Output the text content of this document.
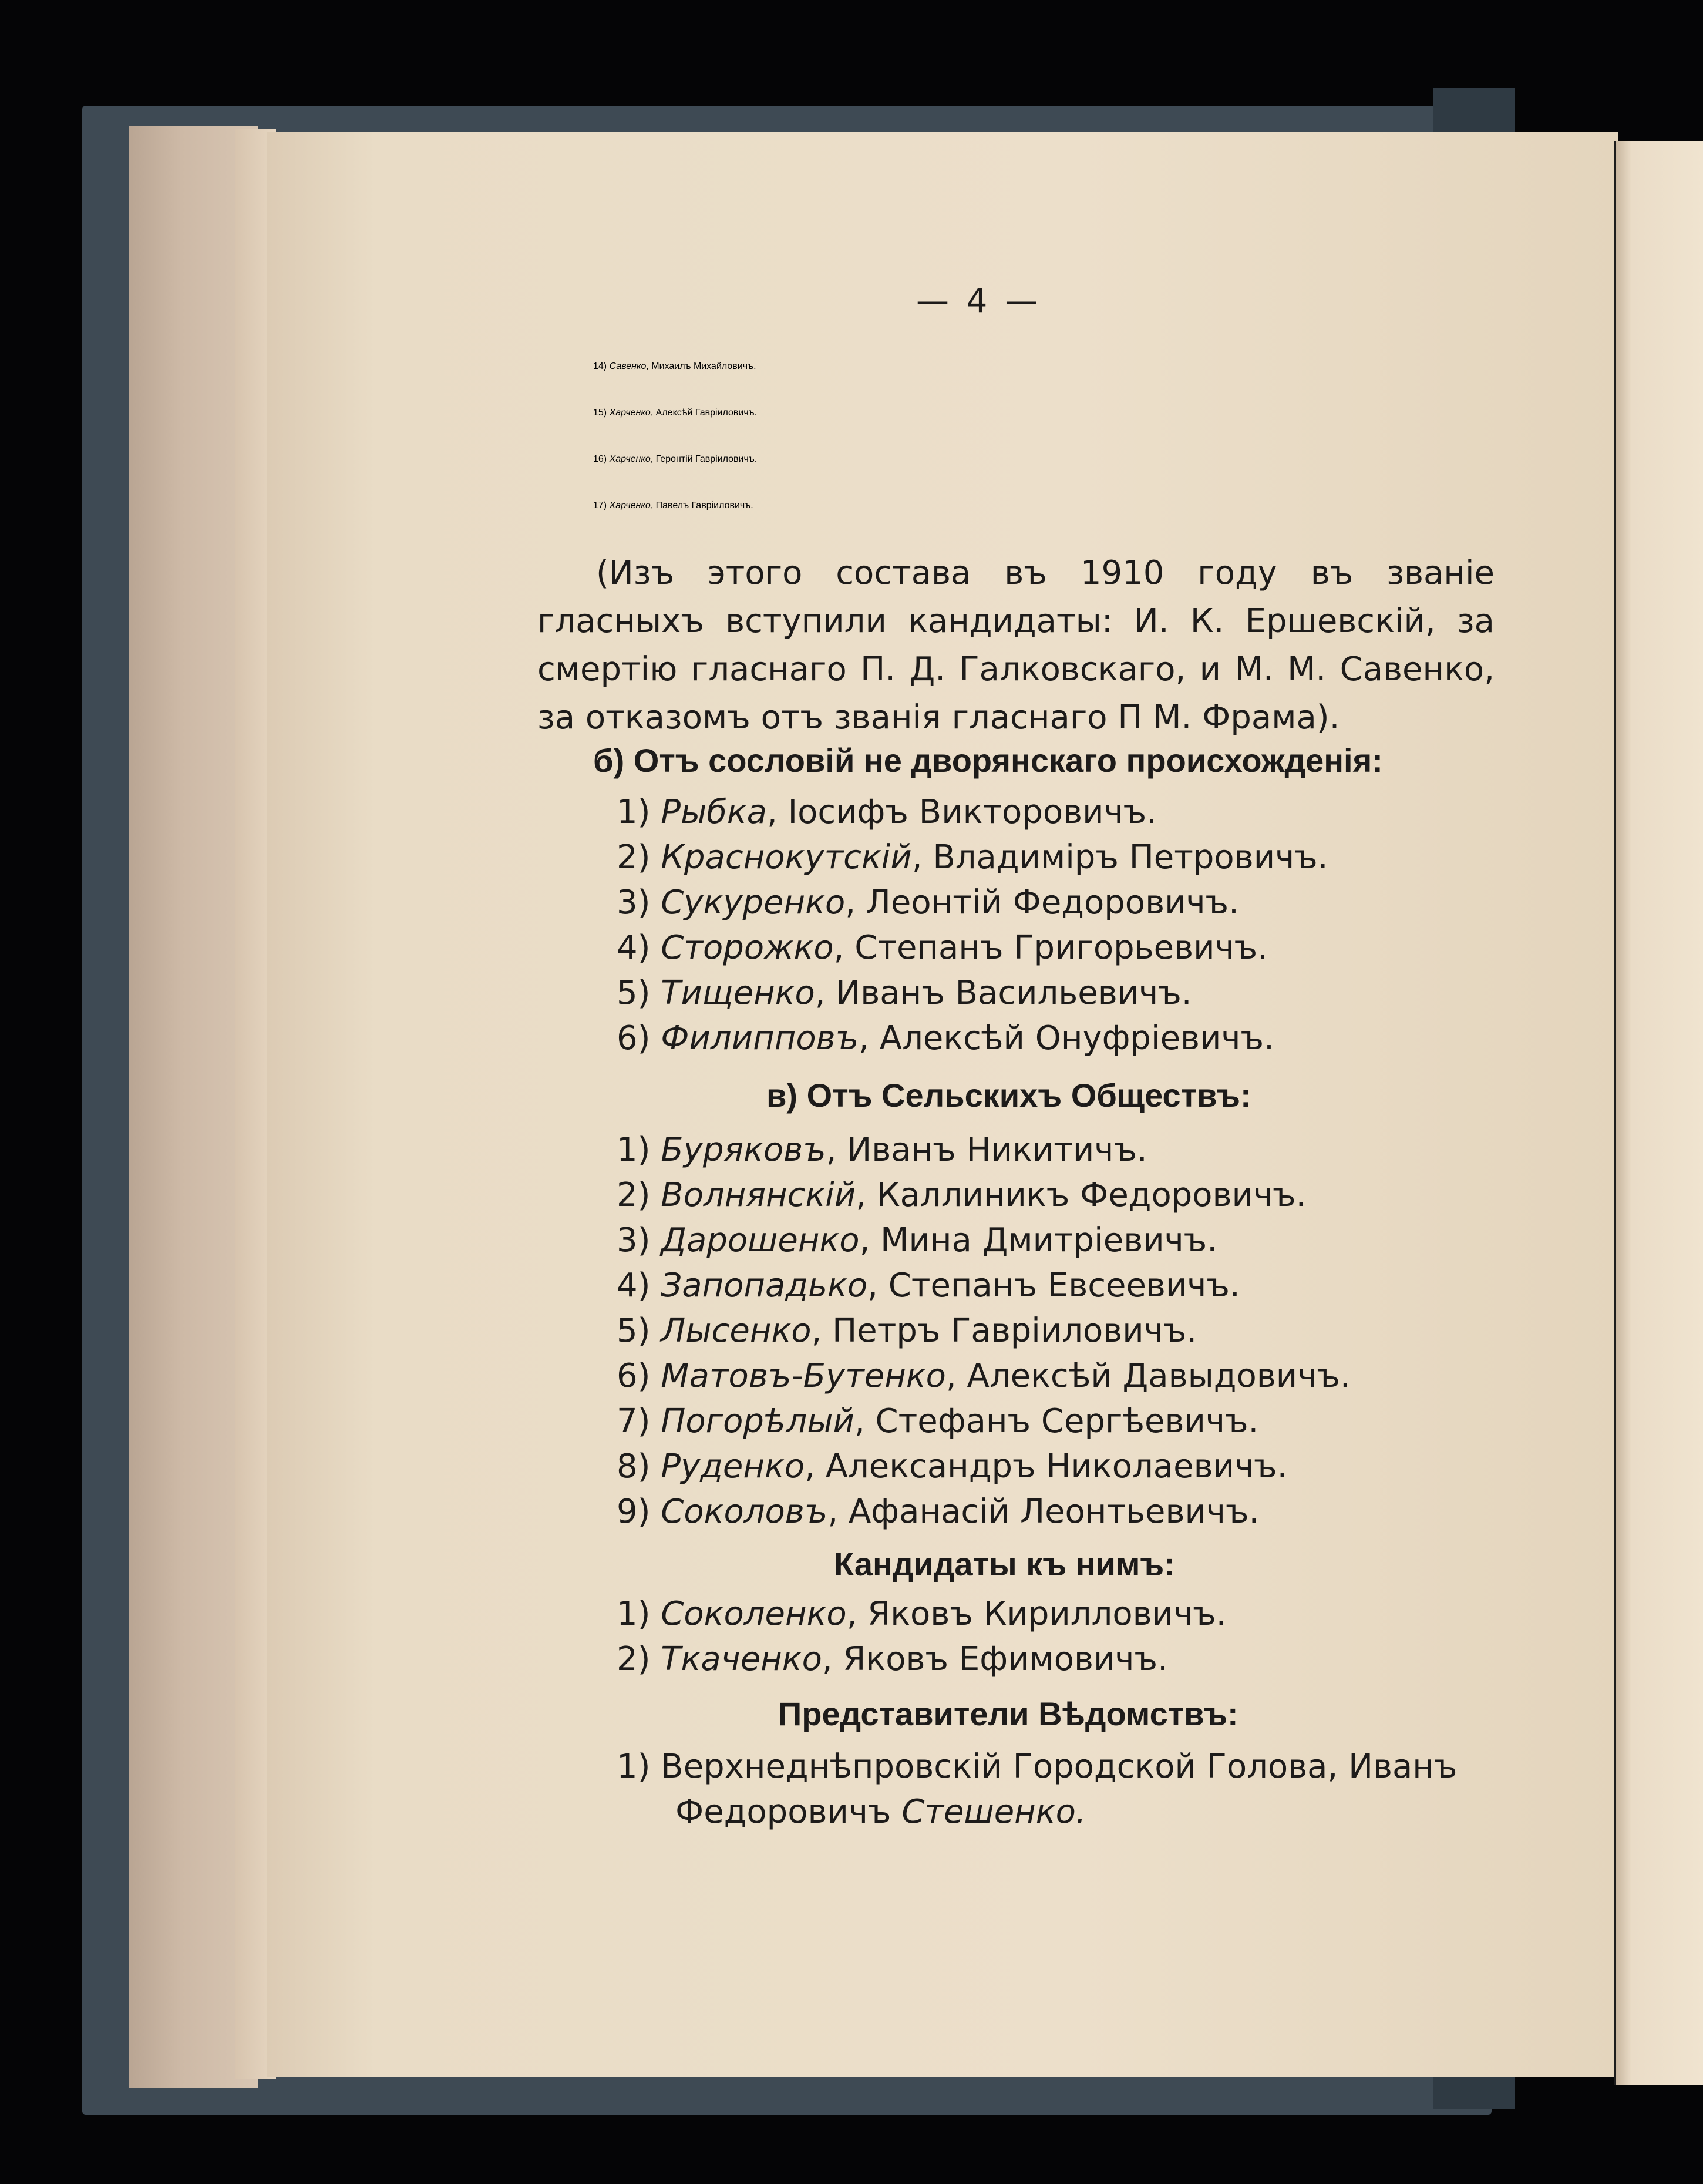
— 4 —
14) Савенко, Михаилъ Михайловичъ.
15) Харченко, Алексѣй Гавріиловичъ.
16) Харченко, Геронтій Гавріиловичъ.
17) Харченко, Павелъ Гавріиловичъ.
(Изъ этого состава въ 1910 году въ званіе гласныхъ вступили кандидаты: И. К. Ершевскій, за смертію гласнаго П. Д. Галковскаго, и М. М. Савенко, за отказомъ отъ званія гласнаго П М. Фрама).
б) Отъ сословій не дворянскаго происхожденія:
1) Рыбка, Іосифъ Викторовичъ.
2) Краснокутскій, Владиміръ Петровичъ.
3) Сукуренко, Леонтій Федоровичъ.
4) Сторожко, Степанъ Григорьевичъ.
5) Тищенко, Иванъ Васильевичъ.
6) Филипповъ, Алексѣй Онуфріевичъ.
в) Отъ Сельскихъ Обществъ:
1) Буряковъ, Иванъ Никитичъ.
2) Волнянскій, Каллиникъ Федоровичъ.
3) Дарошенко, Мина Дмитріевичъ.
4) Запопадько, Степанъ Евсеевичъ.
5) Лысенко, Петръ Гавріиловичъ.
6) Матовъ-Бутенко, Алексѣй Давыдовичъ.
7) Погорѣлый, Стефанъ Сергѣевичъ.
8) Руденко, Александръ Николаевичъ.
9) Соколовъ, Афанасій Леонтьевичъ.
Кандидаты къ нимъ:
1) Соколенко, Яковъ Кирилловичъ.
2) Ткаченко, Яковъ Ефимовичъ.
Представители Вѣдомствъ:
1) Верхнеднѣпровскій Городской Голова, Иванъ
Федоровичъ Стешенко.
